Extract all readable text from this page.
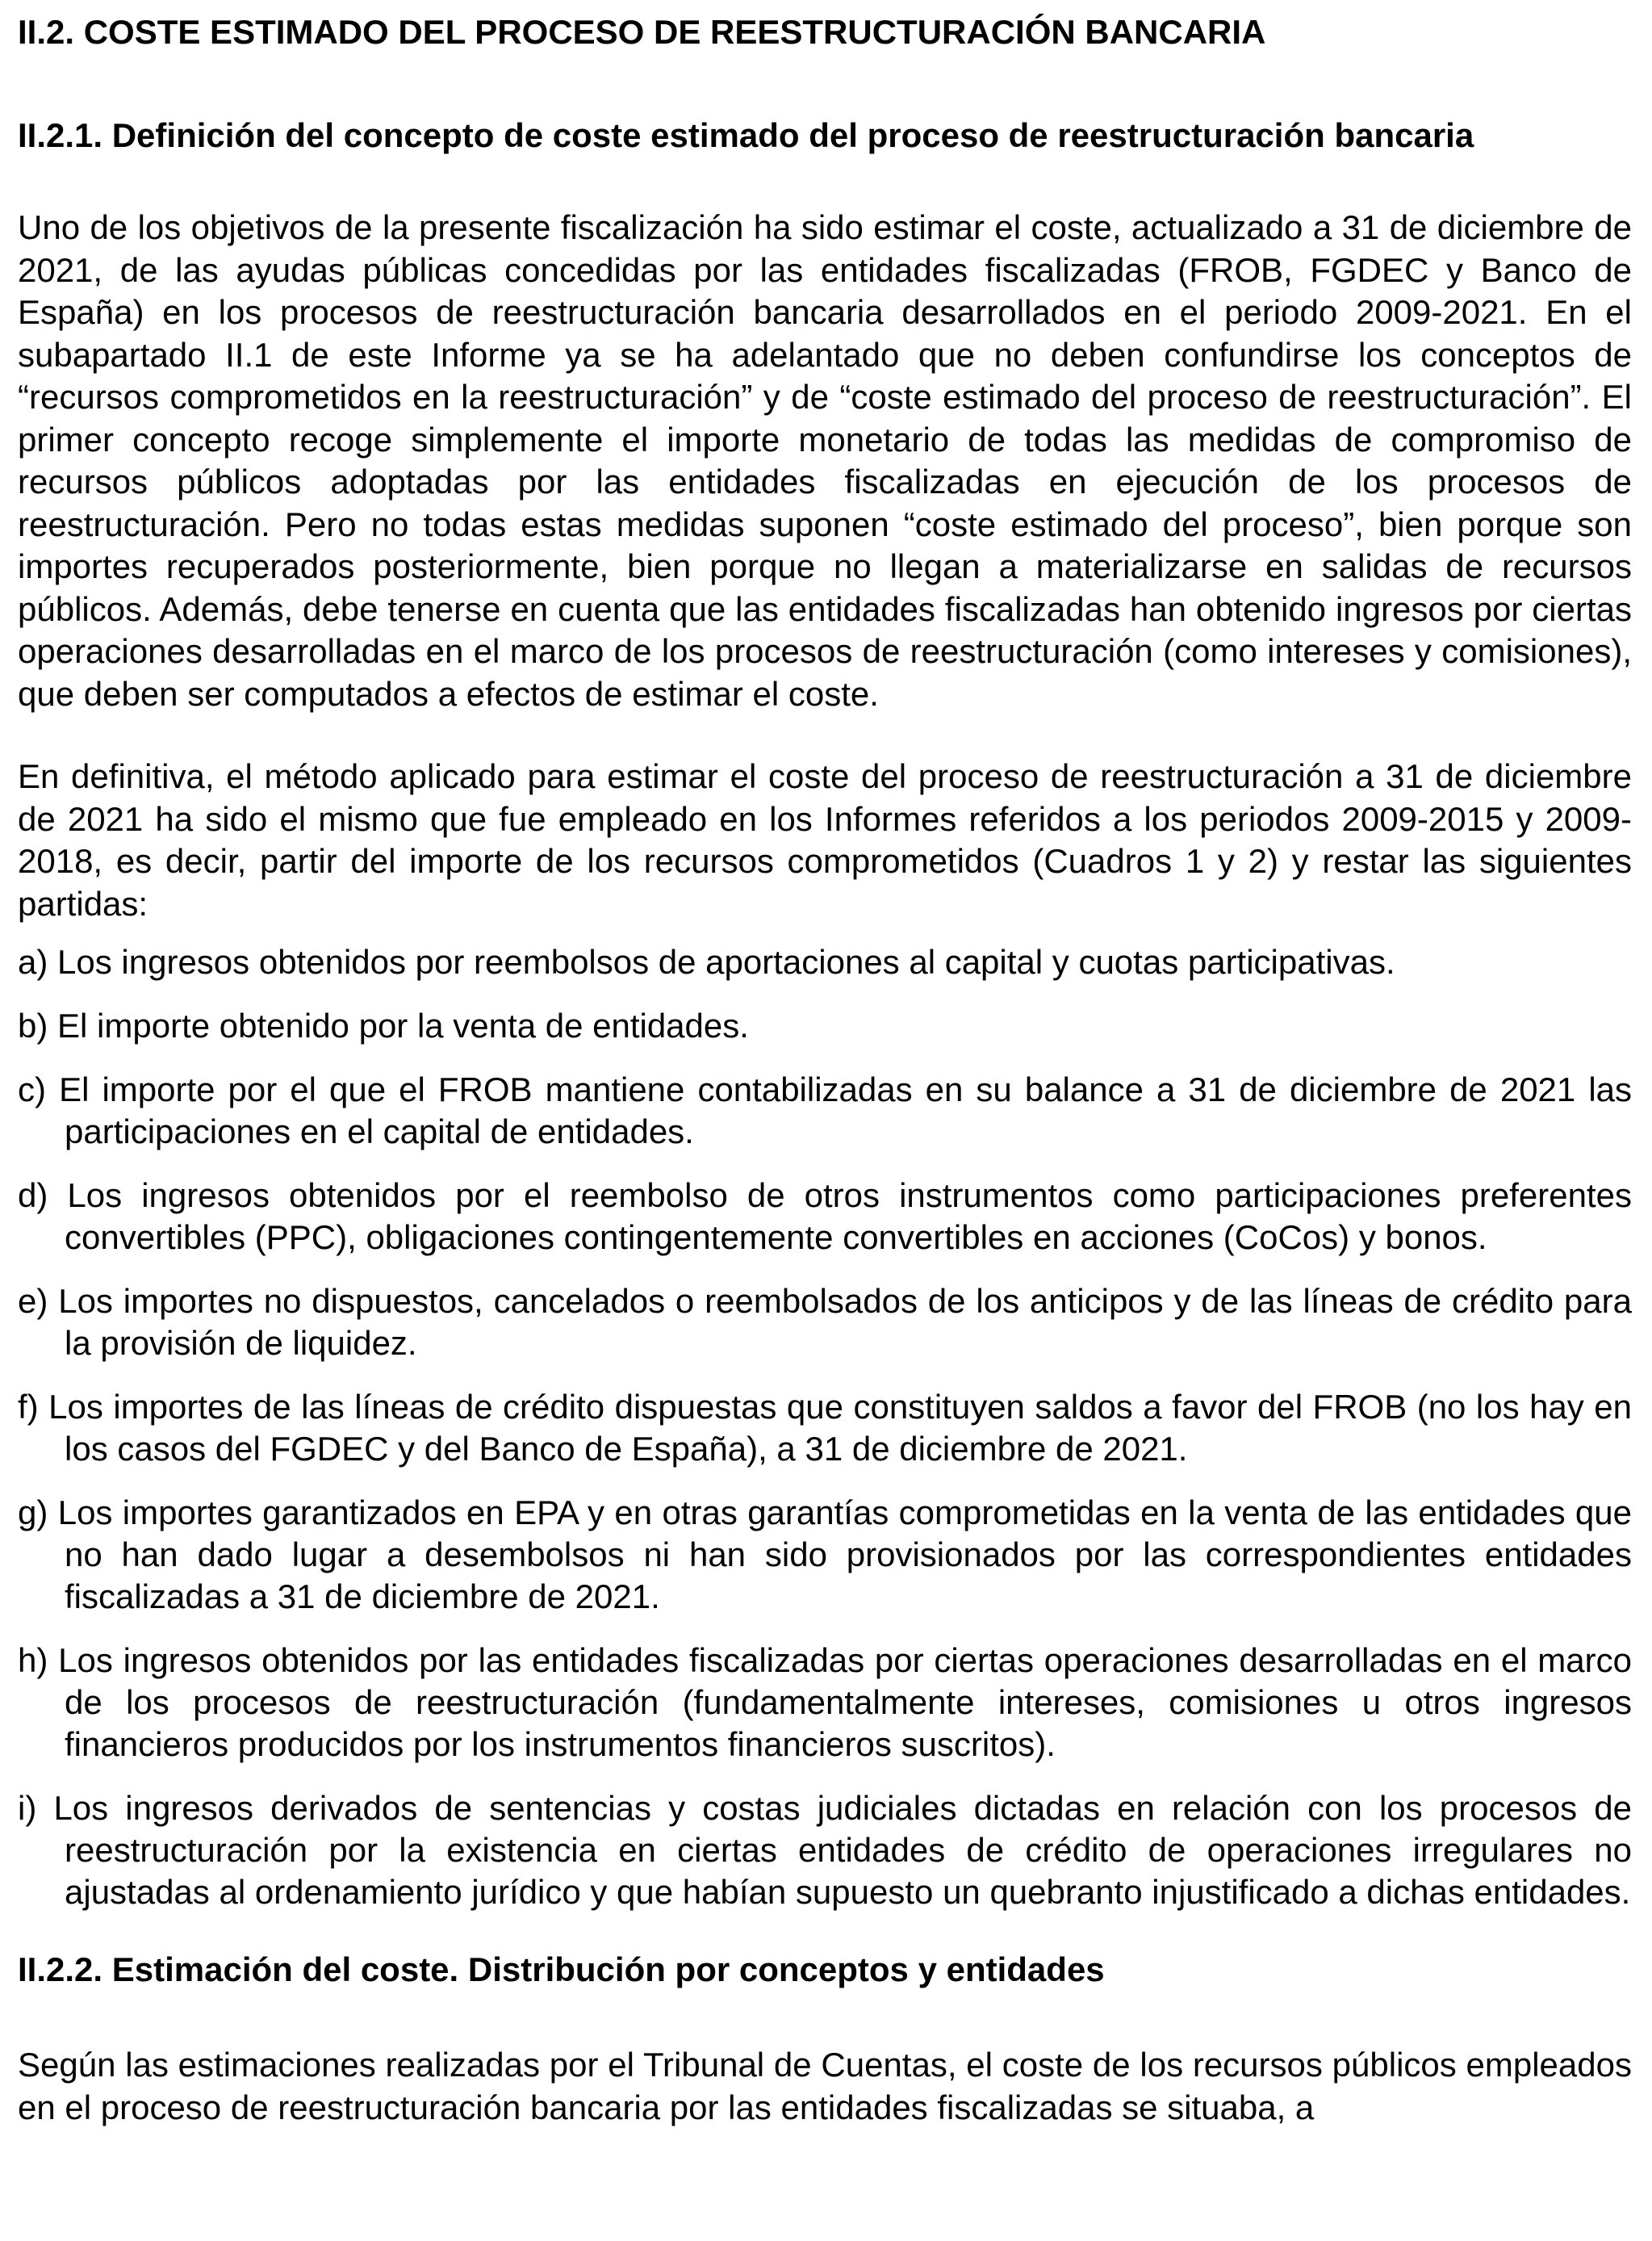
II.2. COSTE ESTIMADO DEL PROCESO DE REESTRUCTURACIÓN BANCARIA
II.2.1. Definición del concepto de coste estimado del proceso de reestructuración bancaria

Uno de los objetivos de la presente fiscalización ha sido estimar el coste, actualizado a 31 de diciembre de 2021, de las ayudas públicas concedidas por las entidades fiscalizadas (FROB, FGDEC y Banco de España) en los procesos de reestructuración bancaria desarrollados en el periodo 2009-2021. En el subapartado II.1 de este Informe ya se ha adelantado que no deben confundirse los conceptos de “recursos comprometidos en la reestructuración” y de “coste estimado del proceso de reestructuración”. El primer concepto recoge simplemente el importe monetario de todas las medidas de compromiso de recursos públicos adoptadas por las entidades fiscalizadas en ejecución de los procesos de reestructuración. Pero no todas estas medidas suponen “coste estimado del proceso”, bien porque son importes recuperados posteriormente, bien porque no llegan a materializarse en salidas de recursos públicos. Además, debe tenerse en cuenta que las entidades fiscalizadas han obtenido ingresos por ciertas operaciones desarrolladas en el marco de los procesos de reestructuración (como intereses y comisiones), que deben ser computados a efectos de estimar el coste.

En definitiva, el método aplicado para estimar el coste del proceso de reestructuración a 31 de diciembre de 2021 ha sido el mismo que fue empleado en los Informes referidos a los periodos 2009-2015 y 2009-2018, es decir, partir del importe de los recursos comprometidos (Cuadros 1 y 2) y restar las siguientes partidas:

a) Los ingresos obtenidos por reembolsos de aportaciones al capital y cuotas participativas.
b) El importe obtenido por la venta de entidades.
c) El importe por el que el FROB mantiene contabilizadas en su balance a 31 de diciembre de 2021 las participaciones en el capital de entidades.
d) Los ingresos obtenidos por el reembolso de otros instrumentos como participaciones preferentes convertibles (PPC), obligaciones contingentemente convertibles en acciones (CoCos) y bonos.
e) Los importes no dispuestos, cancelados o reembolsados de los anticipos y de las líneas de crédito para la provisión de liquidez.
f) Los importes de las líneas de crédito dispuestas que constituyen saldos a favor del FROB (no los hay en los casos del FGDEC y del Banco de España), a 31 de diciembre de 2021.
g) Los importes garantizados en EPA y en otras garantías comprometidas en la venta de las entidades que no han dado lugar a desembolsos ni han sido provisionados por las correspondientes entidades fiscalizadas a 31 de diciembre de 2021.
h) Los ingresos obtenidos por las entidades fiscalizadas por ciertas operaciones desarrolladas en el marco de los procesos de reestructuración (fundamentalmente intereses, comisiones u otros ingresos financieros producidos por los instrumentos financieros suscritos).
i) Los ingresos derivados de sentencias y costas judiciales dictadas en relación con los procesos de reestructuración por la existencia en ciertas entidades de crédito de operaciones irregulares no ajustadas al ordenamiento jurídico y que habían supuesto un quebranto injustificado a dichas entidades.
II.2.2. Estimación del coste. Distribución por conceptos y entidades

Según las estimaciones realizadas por el Tribunal de Cuentas, el coste de los recursos públicos empleados en el proceso de reestructuración bancaria por las entidades fiscalizadas se situaba, a
